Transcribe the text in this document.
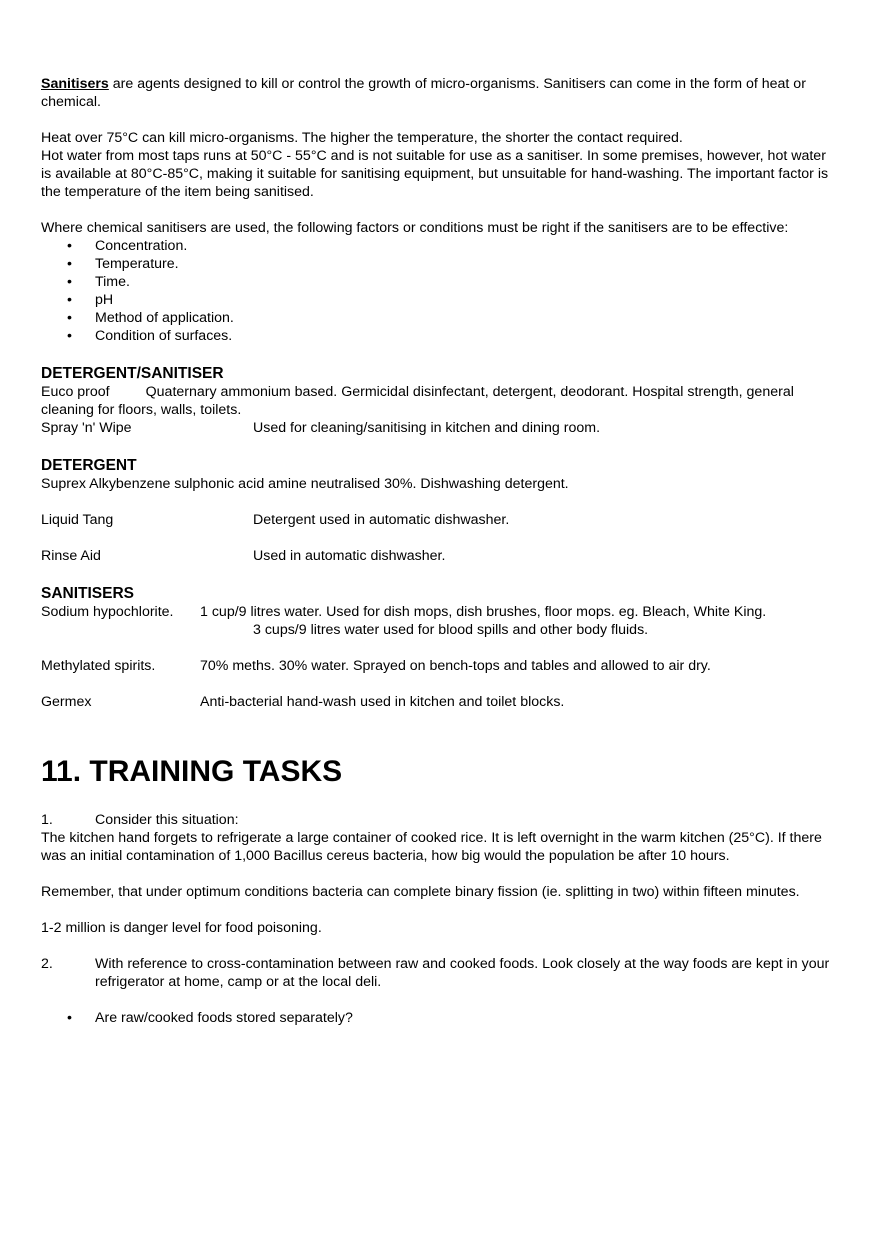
Sanitisers are agents designed to kill or control the growth of micro-organisms. Sanitisers can come in the form of heat or chemical.

Heat over 75°C can kill micro-organisms. The higher the temperature, the shorter the contact required.

Hot water from most taps runs at 50°C - 55°C and is not suitable for use as a sanitiser. In some premises, however, hot water is available at 80°C-85°C, making it suitable for sanitising equipment, but unsuitable for hand-washing. The important factor is the temperature of the item being sanitised.

Where chemical sanitisers are used, the following factors or conditions must be right if the sanitisers are to be effective:

• Concentration.
• Temperature.
• Time.
• pH
• Method of application.
• Condition of surfaces.
DETERGENT/SANITISER

Euco proof	Quaternary ammonium based. Germicidal disinfectant, detergent, deodorant. Hospital strength, general cleaning for floors, walls, toilets.

Spray 'n' Wipe	Used for cleaning/sanitising in kitchen and dining room.
DETERGENT

Suprex Alkybenzene sulphonic acid amine neutralised 30%. Dishwashing detergent.

Liquid Tang	Detergent used in automatic dishwasher.
Rinse Aid	Used in automatic dishwasher.
SANITISERS
Sodium hypochlorite. 1 cup/9 litres water. Used for dish mops, dish brushes, floor mops. eg. Bleach, White King.

3 cups/9 litres water used for blood spills and other body fluids.

Methylated spirits.	70% meths. 30% water. Sprayed on bench-tops and tables and allowed to air dry.
Germex	Anti-bacterial hand-wash used in kitchen and toilet blocks.
11. TRAINING TASKS
1.	Consider this situation:

The kitchen hand forgets to refrigerate a large container of cooked rice. It is left overnight in the warm kitchen (25°C). If there was an initial contamination of 1,000 Bacillus cereus bacteria, how big would the population be after 10 hours.

Remember, that under optimum conditions bacteria can complete binary fission (ie. splitting in two) within fifteen minutes.

1-2 million is danger level for food poisoning.

2.	With reference to cross-contamination between raw and cooked foods. Look closely at the way foods are kept in your refrigerator at home, camp or at the local deli.
• Are raw/cooked foods stored separately?
